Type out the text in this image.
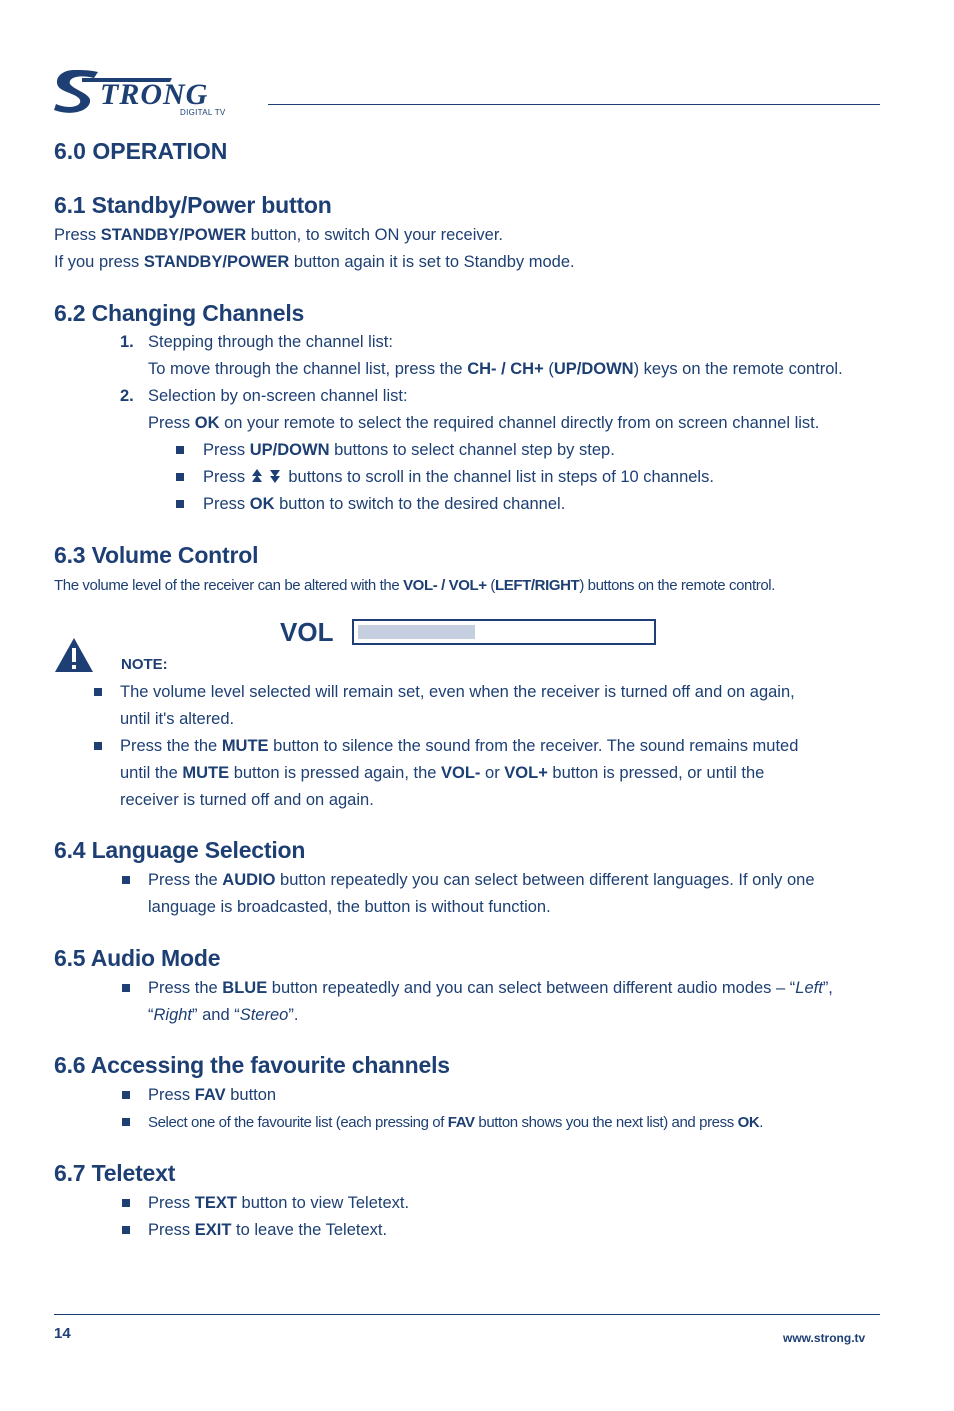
TRONG
DIGITAL TV
6.0 OPERATION
6.1 Standby/Power button
Press STANDBY/POWER button, to switch ON your receiver.
If you press STANDBY/POWER button again it is set to Standby mode.
6.2 Changing Channels
1. Stepping through the channel list:
To move through the channel list, press the CH- / CH+ (UP/DOWN) keys on the remote control.
2. Selection by on-screen channel list:
Press OK on your remote to select the required channel directly from on screen channel list.
Press UP/DOWN buttons to select channel step by step.
Press  buttons to scroll in the channel list in steps of 10 channels.
Press OK button to switch to the desired channel.
6.3 Volume Control
The volume level of the receiver can be altered with the VOL- / VOL+ (LEFT/RIGHT) buttons on the remote control.
VOL
NOTE:
The volume level selected will remain set, even when the receiver is turned off and on again,
until it's altered.
Press the the MUTE button to silence the sound from the receiver. The sound remains muted
until the MUTE button is pressed again, the VOL- or VOL+ button is pressed, or until the
receiver is turned off and on again.
6.4 Language Selection
Press the AUDIO button repeatedly you can select between different languages. If only one
language is broadcasted, the button is without function.
6.5 Audio Mode
Press the BLUE button repeatedly and you can select between different audio modes – “Left”,
“Right” and “Stereo”.
6.6 Accessing the favourite channels
Press FAV button
Select one of the favourite list (each pressing of FAV button shows you the next list) and press OK.
6.7 Teletext
Press TEXT button to view Teletext.
Press EXIT to leave the Teletext.
14	www.strong.tv
